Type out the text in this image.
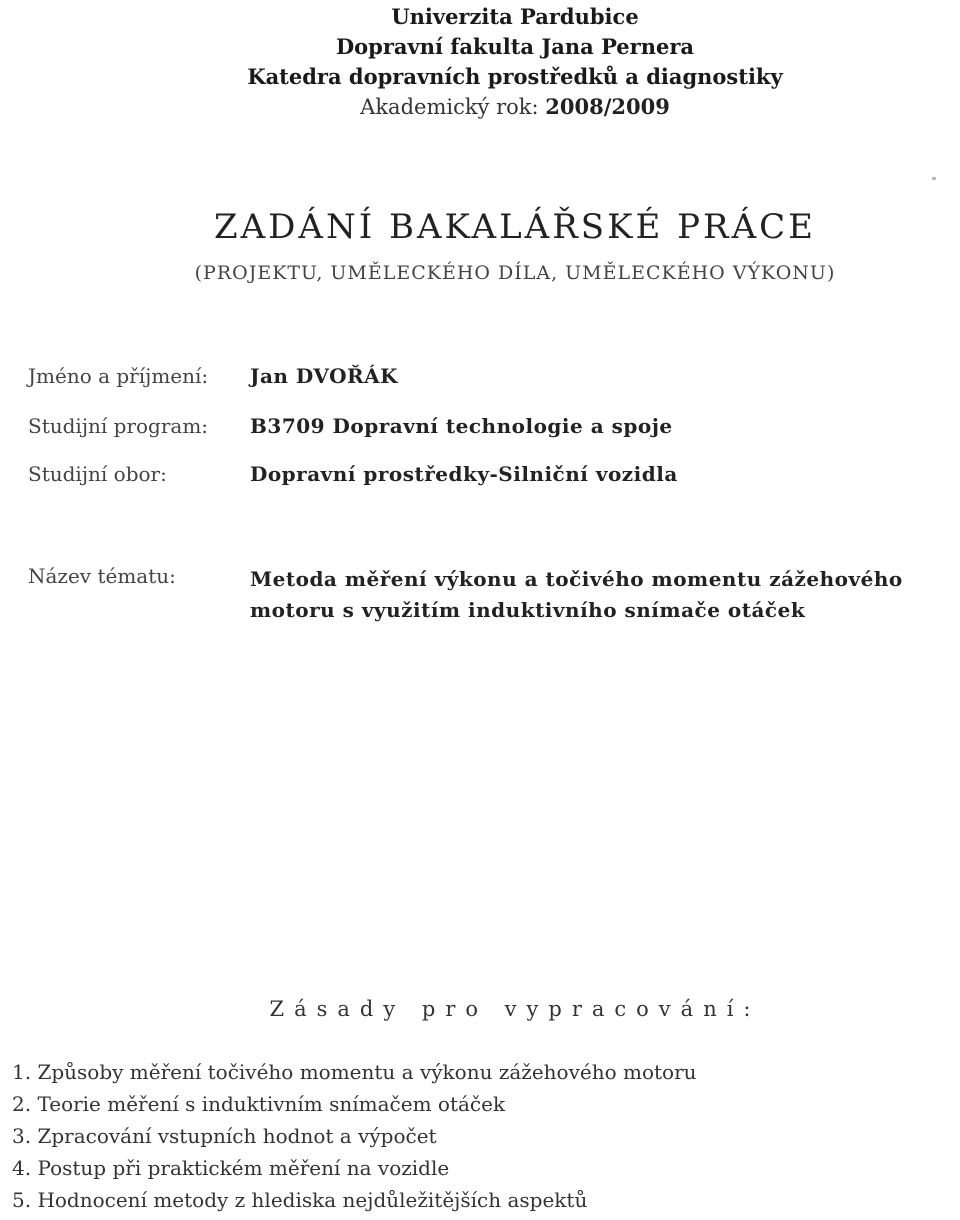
Univerzita Pardubice
Dopravní fakulta Jana Pernera
Katedra dopravních prostředků a diagnostiky
Akademický rok: 2008/2009
ZADÁNÍ BAKALÁŘSKÉ PRÁCE
(PROJEKTU, UMĚLECKÉHO DÍLA, UMĚLECKÉHO VÝKONU)
Jméno a příjmení: Jan DVOŘÁK
Studijní program: B3709 Dopravní technologie a spoje
Studijní obor:	Dopravní prostředky-Silniční vozidla
Název tématu:	Metoda měření výkonu a točivého momentu zážehového
motoru s využitím induktivního snímače otáček
Zásady pro vypracování:
1. Způsoby měření točivého momentu a výkonu zážehového motoru
2. Teorie měření s induktivním snímačem otáček
3. Zpracování vstupních hodnot a výpočet
4. Postup při praktickém měření na vozidle
5. Hodnocení metody z hlediska nejdůležitějších aspektů
